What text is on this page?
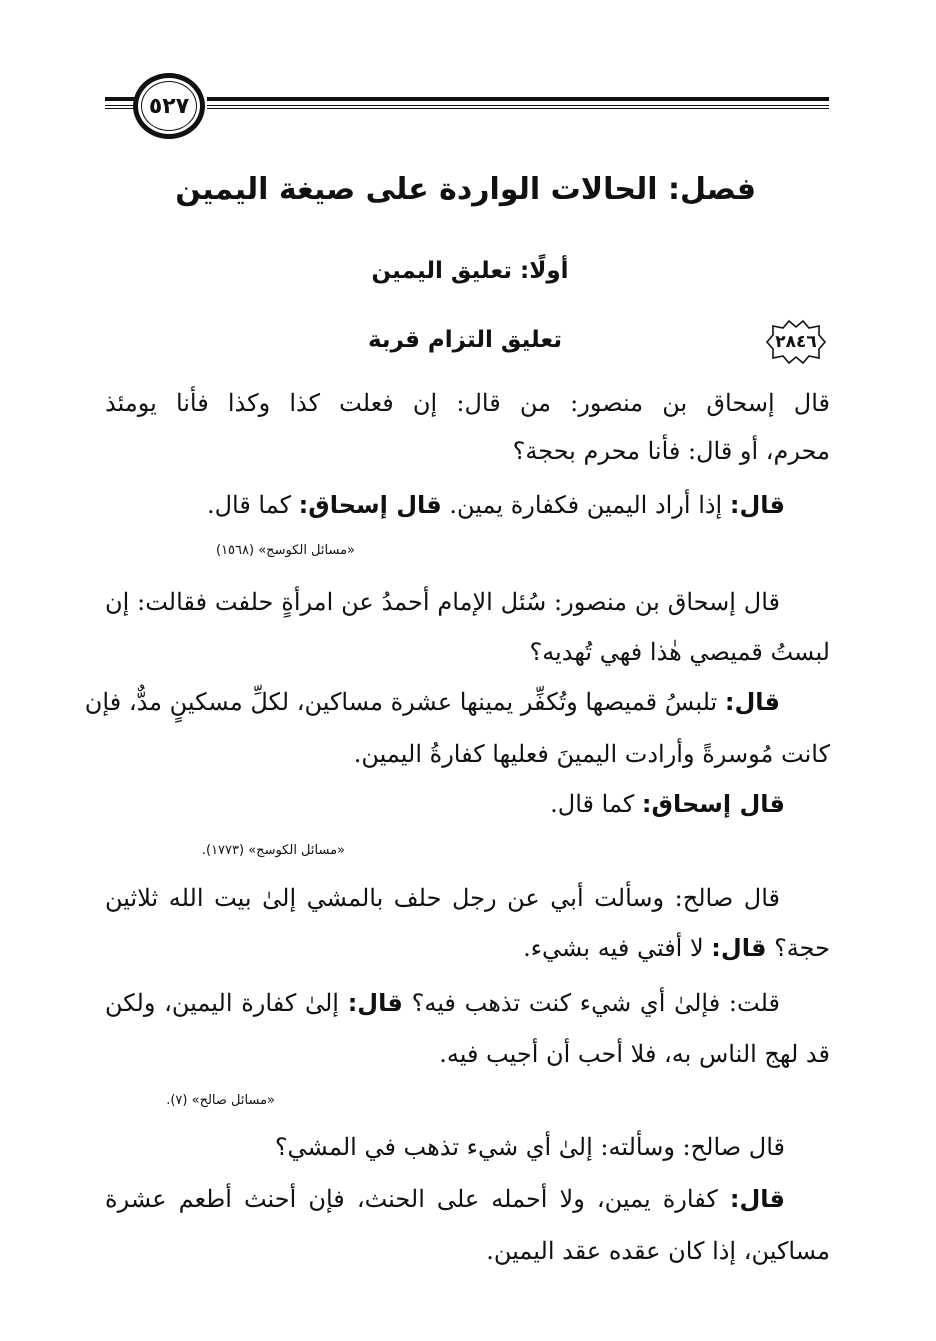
٥٢٧
فصل: الحالات الواردة على صيغة اليمين
أولًا: تعليق اليمين
٢٨٤٦
تعليق التزام قربة
قال إسحاق بن منصور: من قال: إن فعلت كذا وكذا فأنا يومئذ
محرم، أو قال: فأنا محرم بحجة؟
قال: إذا أراد اليمين فكفارة يمين. قال إسحاق: كما قال.
«مسائل الكوسج» (١٥٦٨)
قال إسحاق بن منصور: سُئل الإمام أحمدُ عن امرأةٍ حلفت فقالت: إن
لبستُ قميصي هٰذا فهي تُهديه؟
قال: تلبسُ قميصها وتُكفِّر يمينها عشرة مساكين، لكلِّ مسكينٍ مدٌّ، فإن
كانت مُوسرةً وأرادت اليمينَ فعليها كفارةُ اليمين.
قال إسحاق: كما قال.
«مسائل الكوسج» (١٧٧٣).
قال صالح: وسألت أبي عن رجل حلف بالمشي إلىٰ بيت الله ثلاثين
حجة؟ قال: لا أفتي فيه بشيء.
قلت: فإلىٰ أي شيء كنت تذهب فيه؟ قال: إلىٰ كفارة اليمين، ولكن
قد لهج الناس به، فلا أحب أن أجيب فيه.
«مسائل صالح» (٧).
قال صالح: وسألته: إلىٰ أي شيء تذهب في المشي؟
قال: كفارة يمين، ولا أحمله على الحنث، فإن أحنث أطعم عشرة
مساكين، إذا كان عقده عقد اليمين.
